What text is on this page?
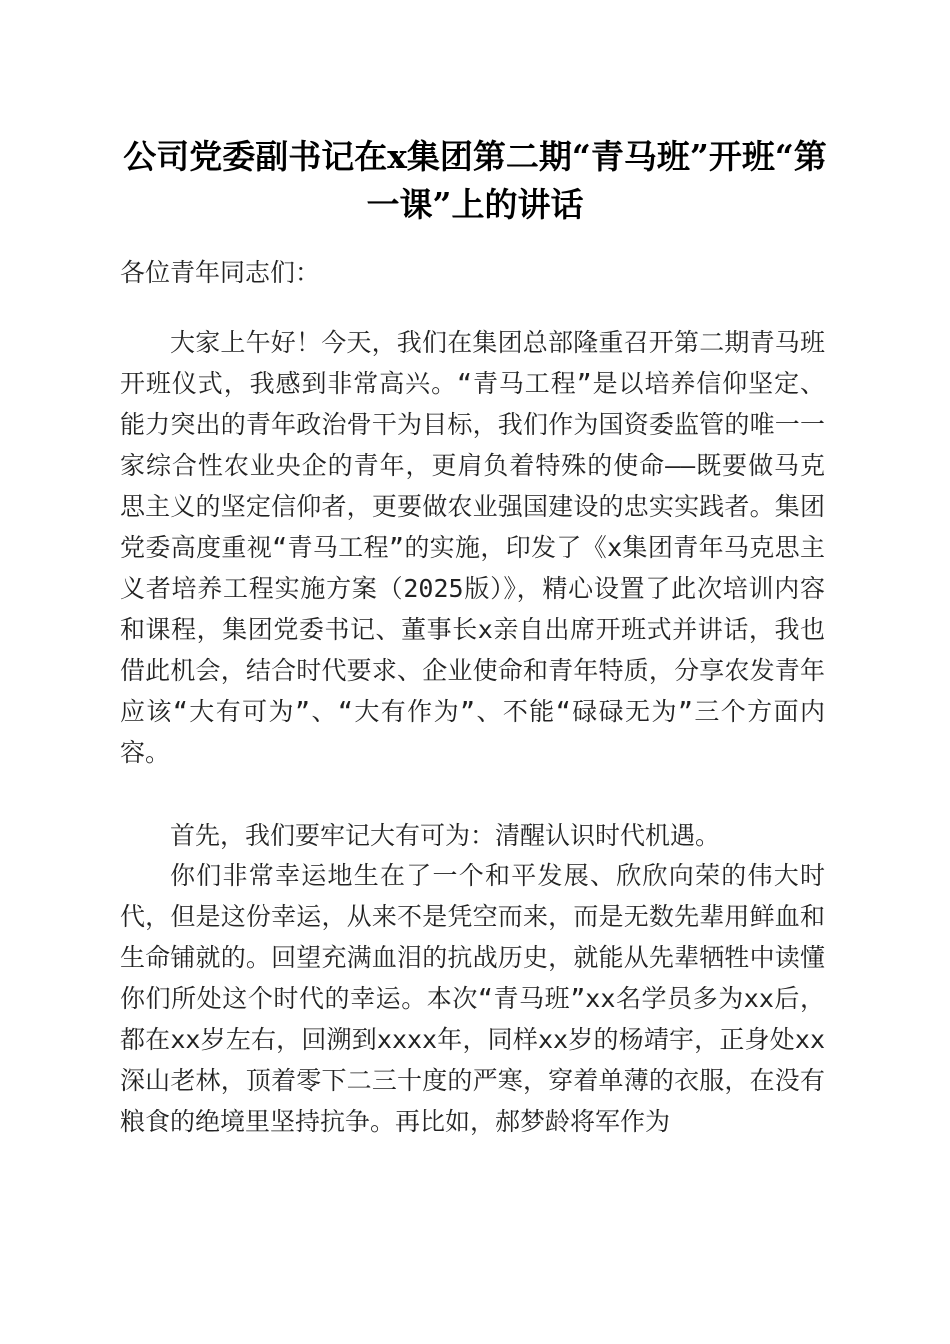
公司党委副书记在x集团第二期“青马班”开班“第一课”上的讲话

各位青年同志们：

大家上午好！今天，我们在集团总部隆重召开第二期青马班开班仪式，我感到非常高兴。“青马工程”是以培养信仰坚定、能力突出的青年政治骨干为目标，我们作为国资委监管的唯一一家综合性农业央企的青年，更肩负着特殊的使命——既要做马克思主义的坚定信仰者，更要做农业强国建设的忠实实践者。集团党委高度重视“青马工程”的实施，印发了《x集团青年马克思主义者培养工程实施方案（2025版）》，精心设置了此次培训内容和课程，集团党委书记、董事长x亲自出席开班式并讲话，我也借此机会，结合时代要求、企业使命和青年特质，分享农发青年应该“大有可为”、“大有作为”、不能“碌碌无为”三个方面内容。

首先，我们要牢记大有可为：清醒认识时代机遇。

你们非常幸运地生在了一个和平发展、欣欣向荣的伟大时代，但是这份幸运，从来不是凭空而来，而是无数先辈用鲜血和生命铺就的。回望充满血泪的抗战历史，就能从先辈牺牲中读懂你们所处这个时代的幸运。本次“青马班”xx名学员多为xx后，都在xx岁左右，回溯到xxxx年，同样xx岁的杨靖宇，正身处xx深山老林，顶着零下二三十度的严寒，穿着单薄的衣服，在没有粮食的绝境里坚持抗争。再比如，郝梦龄将军作为
